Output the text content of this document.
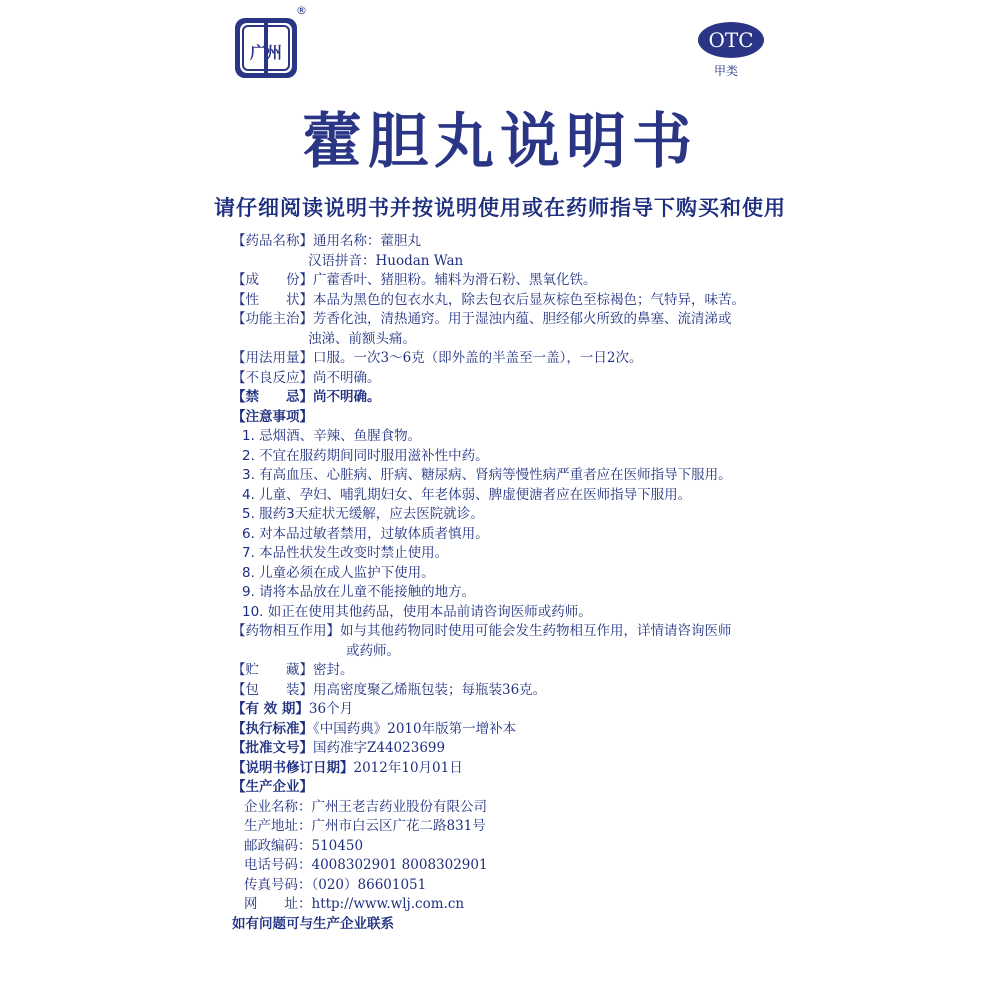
广州
®
OTC
甲类
藿胆丸说明书
请仔细阅读说明书并按说明使用或在药师指导下购买和使用
【药品名称】通用名称：藿胆丸
汉语拼音：Huodan Wan
【成　　份】广藿香叶、猪胆粉。辅料为滑石粉、黑氧化铁。
【性　　状】本品为黑色的包衣水丸，除去包衣后显灰棕色至棕褐色；气特异，味苦。
【功能主治】芳香化浊，清热通窍。用于湿浊内蕴、胆经郁火所致的鼻塞、流清涕或
浊涕、前额头痛。
【用法用量】口服。一次3～6克（即外盖的半盖至一盖），一日2次。
【不良反应】尚不明确。
【禁　　忌】尚不明确。
【注意事项】
1. 忌烟酒、辛辣、鱼腥食物。
2. 不宜在服药期间同时服用滋补性中药。
3. 有高血压、心脏病、肝病、糖尿病、肾病等慢性病严重者应在医师指导下服用。
4. 儿童、孕妇、哺乳期妇女、年老体弱、脾虚便溏者应在医师指导下服用。
5. 服药3天症状无缓解，应去医院就诊。
6. 对本品过敏者禁用，过敏体质者慎用。
7. 本品性状发生改变时禁止使用。
8. 儿童必须在成人监护下使用。
9. 请将本品放在儿童不能接触的地方。
10. 如正在使用其他药品，使用本品前请咨询医师或药师。
【药物相互作用】如与其他药物同时使用可能会发生药物相互作用，详情请咨询医师
或药师。
【贮　　藏】密封。
【包　　装】用高密度聚乙烯瓶包装；每瓶装36克。
【有 效 期】36个月
【执行标准】《中国药典》2010年版第一增补本
【批准文号】国药准字Z44023699
【说明书修订日期】2012年10月01日
【生产企业】
企业名称：广州王老吉药业股份有限公司
生产地址：广州市白云区广花二路831号
邮政编码：510450
电话号码：4008302901 8008302901
传真号码：（020）86601051
网　　址：http://www.wlj.com.cn
如有问题可与生产企业联系
